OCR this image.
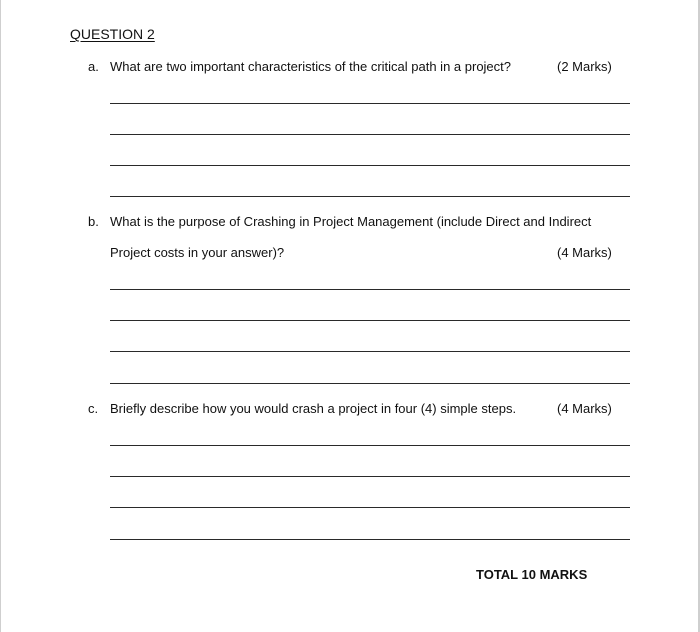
QUESTION 2
a. What are two important characteristics of the critical path in a project?	(2 Marks)
b. What is the purpose of Crashing in Project Management (include Direct and Indirect
Project costs in your answer)?	(4 Marks)
c. Briefly describe how you would crash a project in four (4) simple steps.	(4 Marks)
TOTAL 10 MARKS
